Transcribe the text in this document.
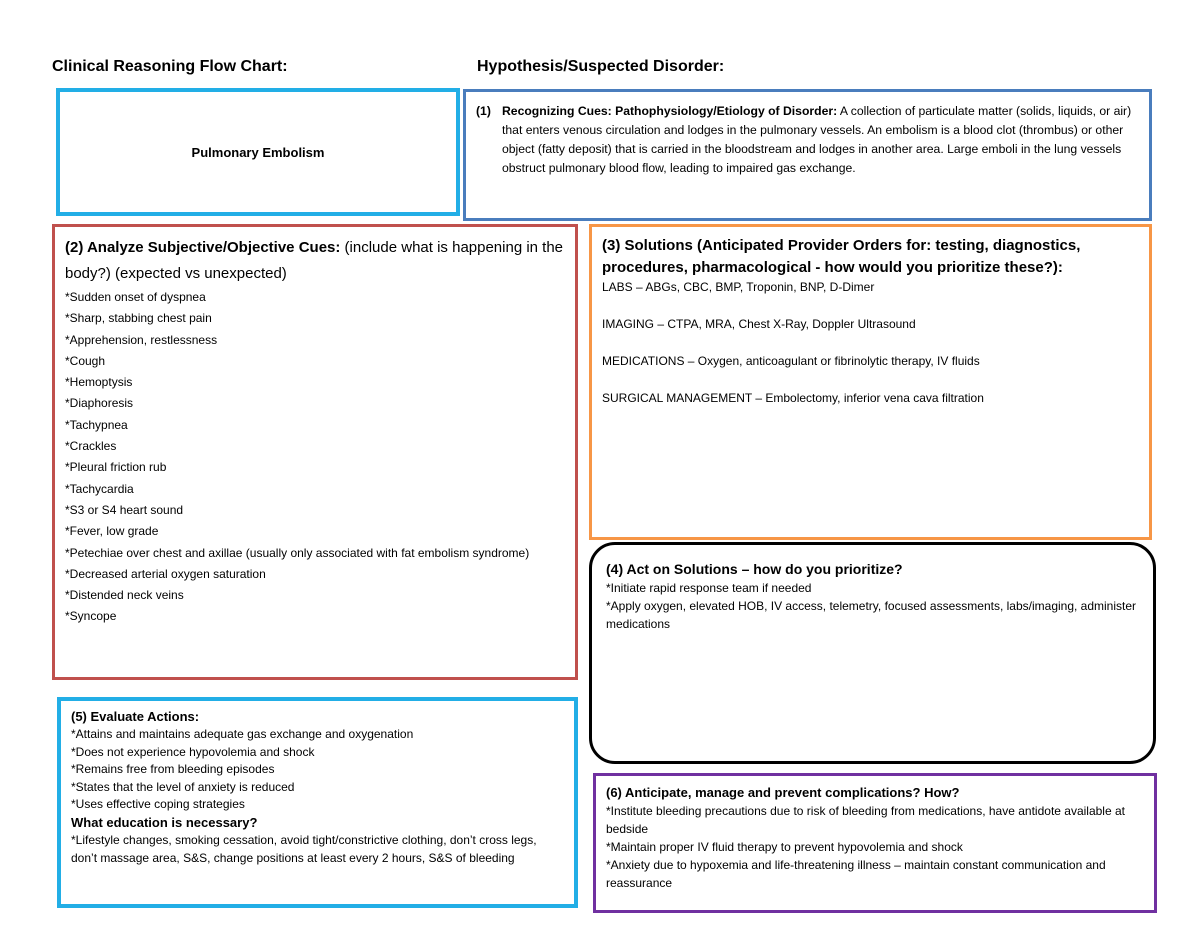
Clinical Reasoning Flow Chart:	Hypothesis/Suspected Disorder:
Pulmonary Embolism
(1) Recognizing Cues: Pathophysiology/Etiology of Disorder: A collection of particulate matter (solids, liquids, or air) that enters venous circulation and lodges in the pulmonary vessels. An embolism is a blood clot (thrombus) or other object (fatty deposit) that is carried in the bloodstream and lodges in another area. Large emboli in the lung vessels obstruct pulmonary blood flow, leading to impaired gas exchange.
(2) Analyze Subjective/Objective Cues: (include what is happening in the body?) (expected vs unexpected)
*Sudden onset of dyspnea
*Sharp, stabbing chest pain
*Apprehension, restlessness
*Cough
*Hemoptysis
*Diaphoresis
*Tachypnea
*Crackles
*Pleural friction rub
*Tachycardia
*S3 or S4 heart sound
*Fever, low grade
*Petechiae over chest and axillae (usually only associated with fat embolism syndrome)
*Decreased arterial oxygen saturation
*Distended neck veins
*Syncope
(3) Solutions (Anticipated Provider Orders for: testing, diagnostics, procedures, pharmacological - how would you prioritize these?):
LABS – ABGs, CBC, BMP, Troponin, BNP, D-Dimer
IMAGING – CTPA, MRA, Chest X-Ray, Doppler Ultrasound
MEDICATIONS – Oxygen, anticoagulant or fibrinolytic therapy, IV fluids
SURGICAL MANAGEMENT – Embolectomy, inferior vena cava filtration
(4) Act on Solutions – how do you prioritize?
*Initiate rapid response team if needed
*Apply oxygen, elevated HOB, IV access, telemetry, focused assessments, labs/imaging, administer medications
(5) Evaluate Actions:
*Attains and maintains adequate gas exchange and oxygenation
*Does not experience hypovolemia and shock
*Remains free from bleeding episodes
*States that the level of anxiety is reduced
*Uses effective coping strategies
What education is necessary?
*Lifestyle changes, smoking cessation, avoid tight/constrictive clothing, don’t cross legs, don’t massage area, S&S, change positions at least every 2 hours, S&S of bleeding
(6) Anticipate, manage and prevent complications? How?
*Institute bleeding precautions due to risk of bleeding from medications, have antidote available at bedside
*Maintain proper IV fluid therapy to prevent hypovolemia and shock
*Anxiety due to hypoxemia and life-threatening illness – maintain constant communication and reassurance
